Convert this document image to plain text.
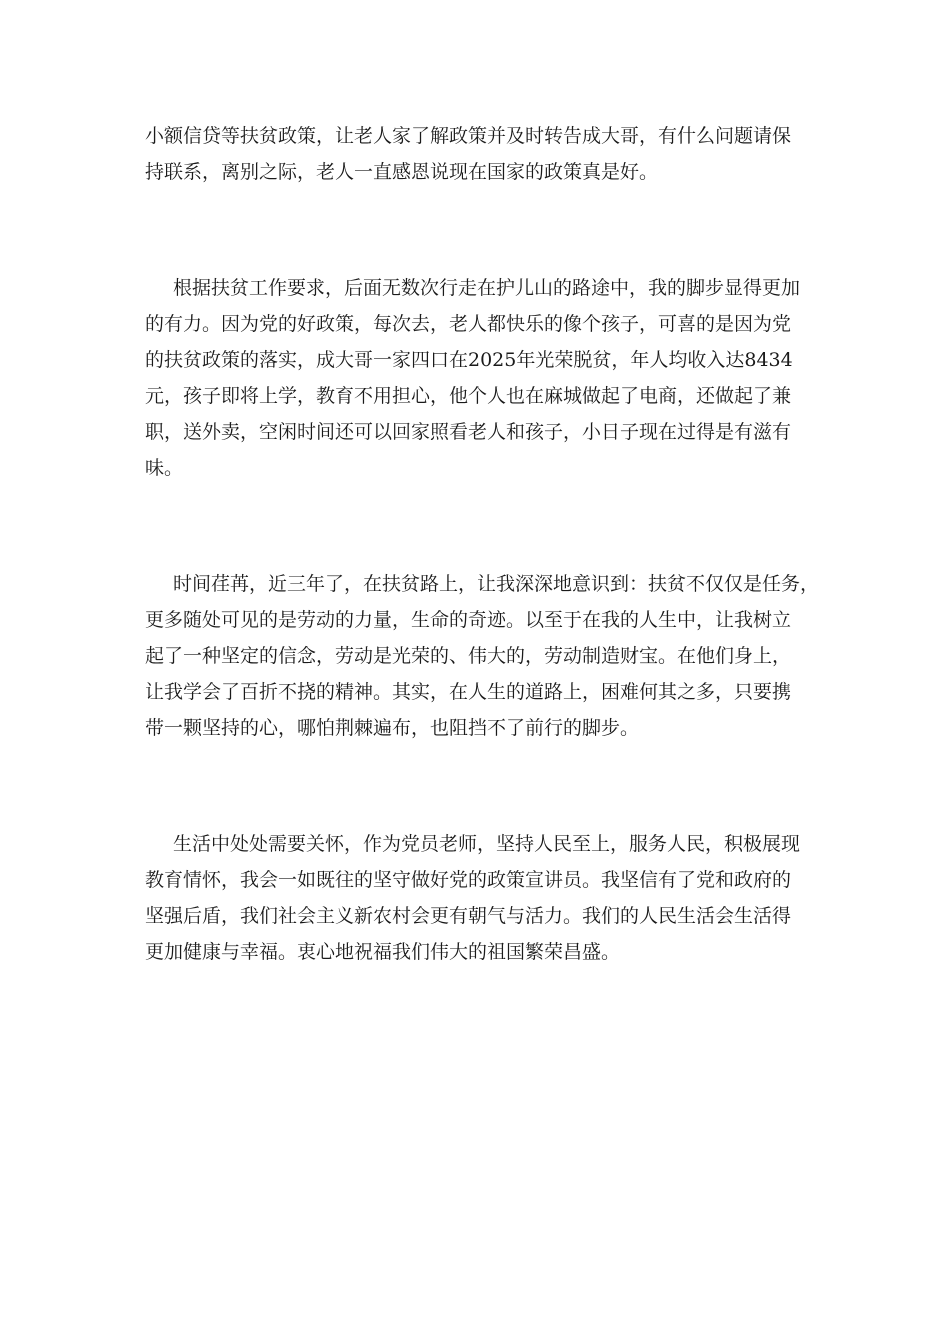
小额信贷等扶贫政策，让老人家了解政策并及时转告成大哥，有什么问题请保
持联系，离别之际，老人一直感恩说现在国家的政策真是好。
根据扶贫工作要求，后面无数次行走在护儿山的路途中，我的脚步显得更加
的有力。因为党的好政策，每次去，老人都快乐的像个孩子，可喜的是因为党
的扶贫政策的落实，成大哥一家四口在2025年光荣脱贫，年人均收入达8434
元，孩子即将上学，教育不用担心，他个人也在麻城做起了电商，还做起了兼
职，送外卖，空闲时间还可以回家照看老人和孩子，小日子现在过得是有滋有
味。
时间荏苒，近三年了，在扶贫路上，让我深深地意识到：扶贫不仅仅是任务，
更多随处可见的是劳动的力量，生命的奇迹。以至于在我的人生中，让我树立
起了一种坚定的信念，劳动是光荣的、伟大的，劳动制造财宝。在他们身上，
让我学会了百折不挠的精神。其实，在人生的道路上，困难何其之多，只要携
带一颗坚持的心，哪怕荆棘遍布，也阻挡不了前行的脚步。
生活中处处需要关怀，作为党员老师，坚持人民至上，服务人民，积极展现
教育情怀，我会一如既往的坚守做好党的政策宣讲员。我坚信有了党和政府的
坚强后盾，我们社会主义新农村会更有朝气与活力。我们的人民生活会生活得
更加健康与幸福。衷心地祝福我们伟大的祖国繁荣昌盛。
